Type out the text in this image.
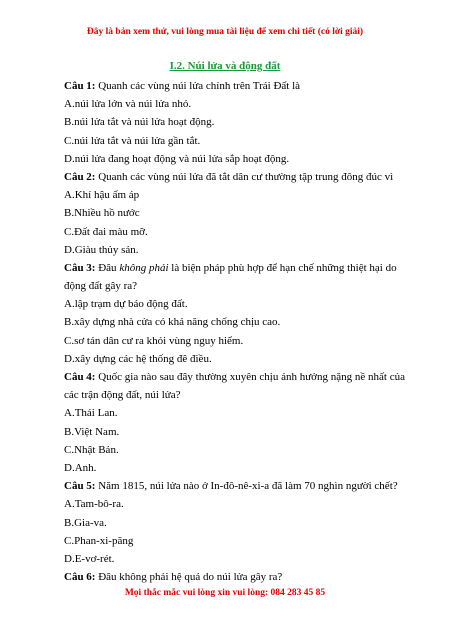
Đây là bản xem thử, vui lòng mua tài liệu để xem chi tiết (có lời giải)
I.2. Núi lửa và động đất
Câu 1: Quanh các vùng núi lửa chính trên Trái Đất là
A.núi lửa lớn và núi lửa nhỏ.
B.núi lửa tắt và núi lửa hoạt động.
C.núi lửa tắt và núi lửa gần tắt.
D.núi lửa đang hoạt động và núi lửa sắp hoạt động.
Câu 2: Quanh các vùng núi lửa đã tắt dân cư thường tập trung đông đúc vì
A.Khí hậu ấm áp
B.Nhiều hồ nước
C.Đất đai màu mỡ.
D.Giàu thủy sản.
Câu 3: Đâu không phải là biện pháp phù hợp để hạn chế những thiệt hại do
động đất gây ra?
A.lập trạm dự báo động đất.
B.xây dựng nhà cửa có khả năng chống chịu cao.
C.sơ tán dân cư ra khỏi vùng nguy hiểm.
D.xây dựng các hệ thống đê điều.
Câu 4: Quốc gia nào sau đây thường xuyên chịu ảnh hưởng nặng nề nhất của
các trận động đất, núi lửa?
A.Thái Lan.
B.Việt Nam.
C.Nhật Bản.
D.Anh.
Câu 5: Năm 1815, núi lửa nào ở In-đô-nê-xi-a đã làm 70 nghìn người chết?
A.Tam-bô-ra.
B.Gia-va.
C.Phan-xi-păng
D.E-vơ-rét.
Câu 6: Đâu không phải hệ quả do núi lửa gây ra?
Mọi thắc mắc vui lòng xin vui lòng: 084 283 45 85
